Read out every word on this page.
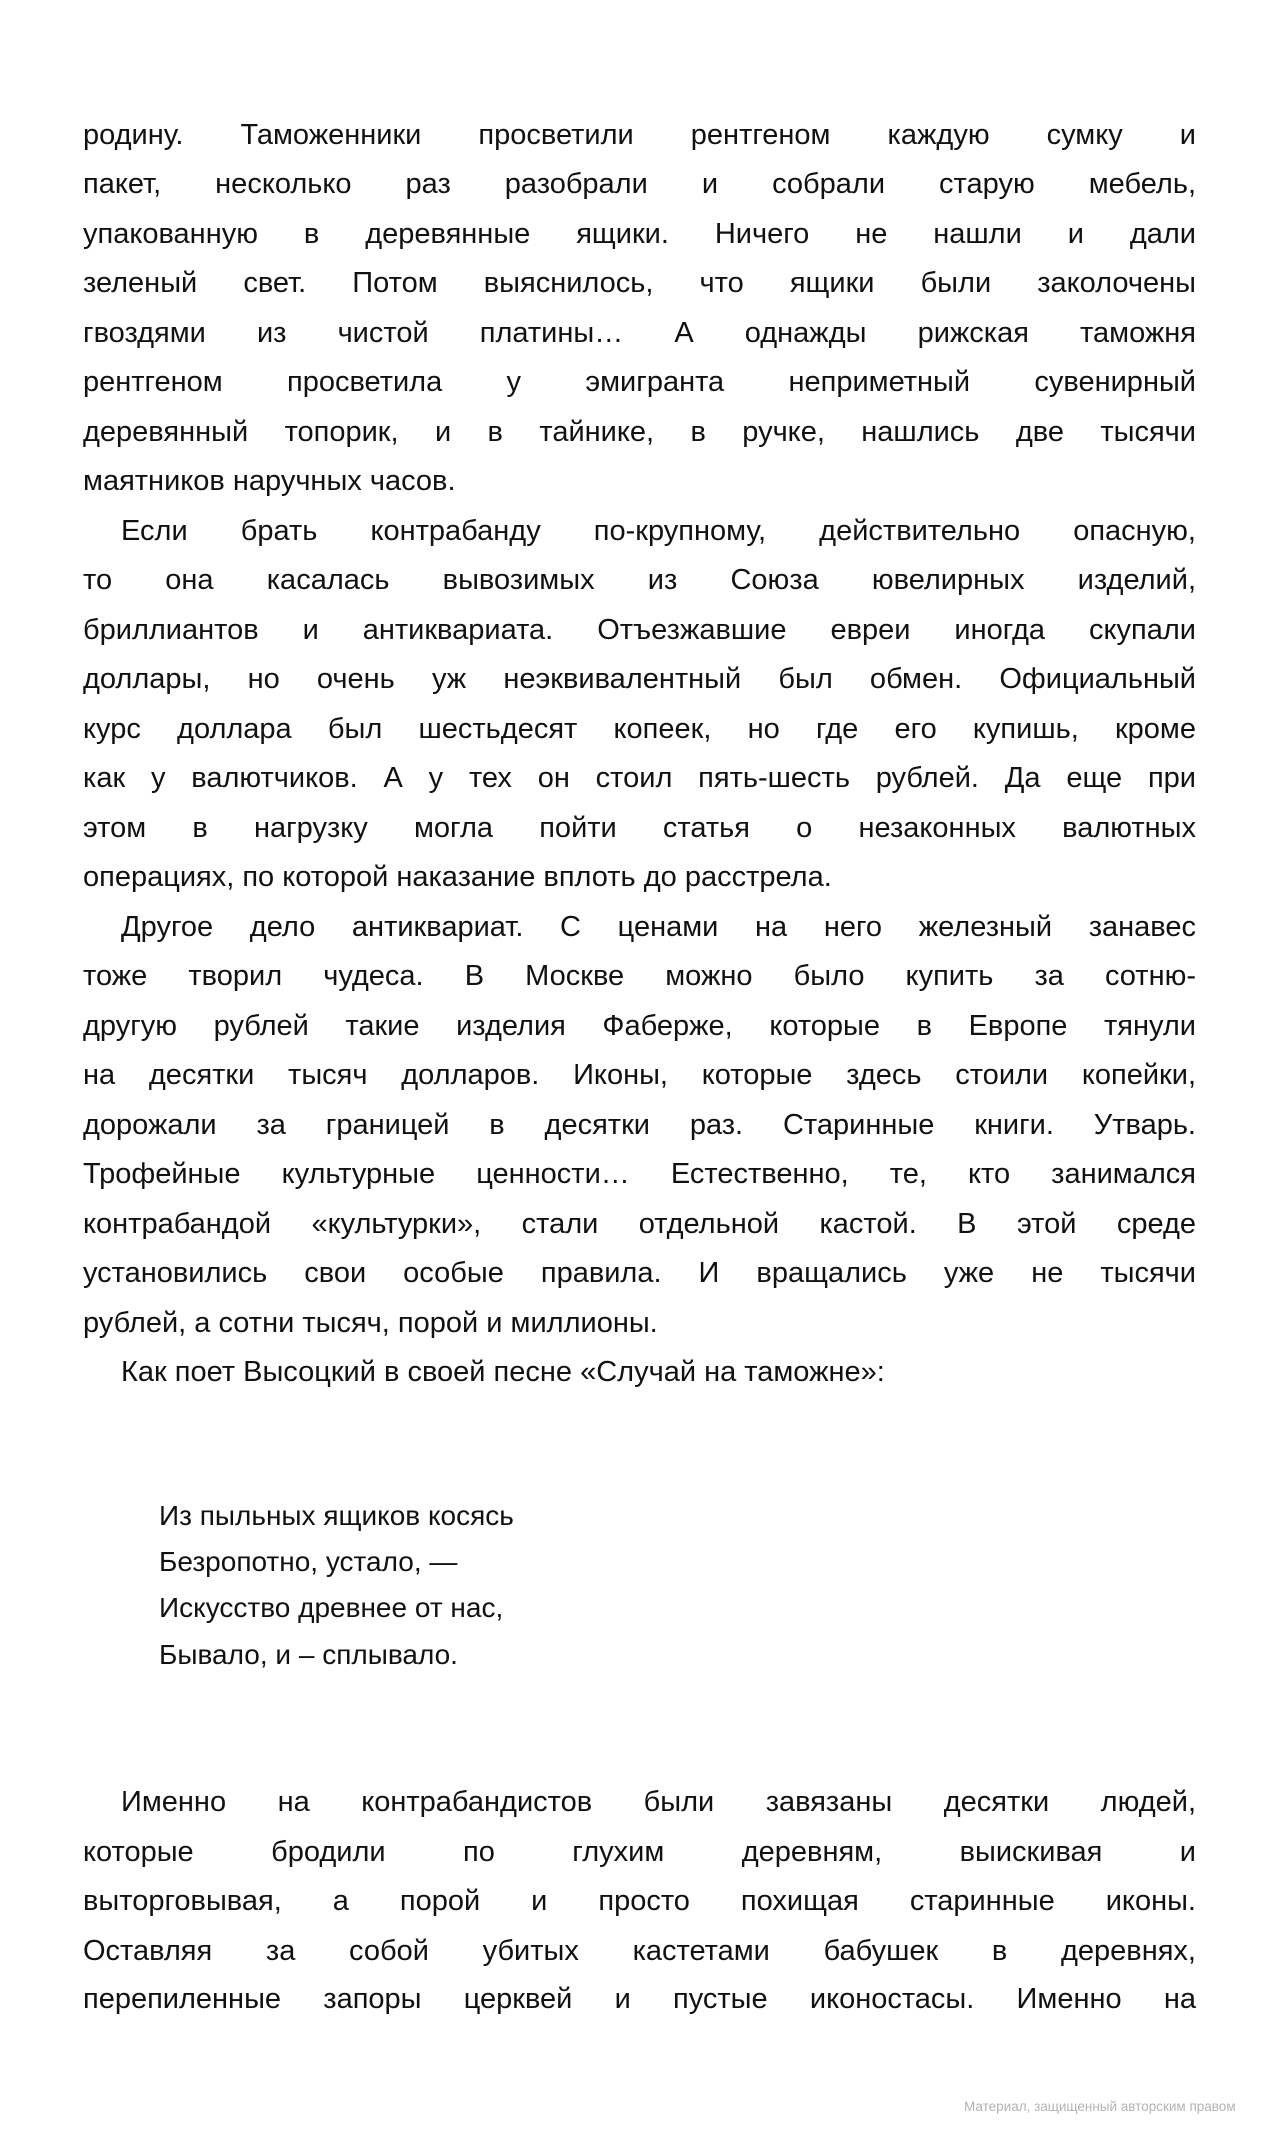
родину. Таможенники просветили рентгеном каждую сумку и
пакет, несколько раз разобрали и собрали старую мебель,
упакованную в деревянные ящики. Ничего не нашли и дали
зеленый свет. Потом выяснилось, что ящики были заколочены
гвоздями из чистой платины… А однажды рижская таможня
рентгеном просветила у эмигранта неприметный сувенирный
деревянный топорик, и в тайнике, в ручке, нашлись две тысячи
маятников наручных часов.
Если брать контрабанду по-крупному, действительно опасную,
то она касалась вывозимых из Союза ювелирных изделий,
бриллиантов и антиквариата. Отъезжавшие евреи иногда скупали
доллары, но очень уж неэквивалентный был обмен. Официальный
курс доллара был шестьдесят копеек, но где его купишь, кроме
как у валютчиков. А у тех он стоил пять-шесть рублей. Да еще при
этом в нагрузку могла пойти статья о незаконных валютных
операциях, по которой наказание вплоть до расстрела.
Другое дело антиквариат. С ценами на него железный занавес
тоже творил чудеса. В Москве можно было купить за сотню-
другую рублей такие изделия Фаберже, которые в Европе тянули
на десятки тысяч долларов. Иконы, которые здесь стоили копейки,
дорожали за границей в десятки раз. Старинные книги. Утварь.
Трофейные культурные ценности… Естественно, те, кто занимался
контрабандой «культурки», стали отдельной кастой. В этой среде
установились свои особые правила. И вращались уже не тысячи
рублей, а сотни тысяч, порой и миллионы.
Как поет Высоцкий в своей песне «Случай на таможне»:
Из пыльных ящиков косясь
Безропотно, устало, —
Искусство древнее от нас,
Бывало, и – сплывало.
Именно на контрабандистов были завязаны десятки людей,
которые бродили по глухим деревням, выискивая и
выторговывая, а порой и просто похищая старинные иконы.
Оставляя за собой убитых кастетами бабушек в деревнях,
перепиленные запоры церквей и пустые иконостасы. Именно на
Материал, защищенный авторским правом
